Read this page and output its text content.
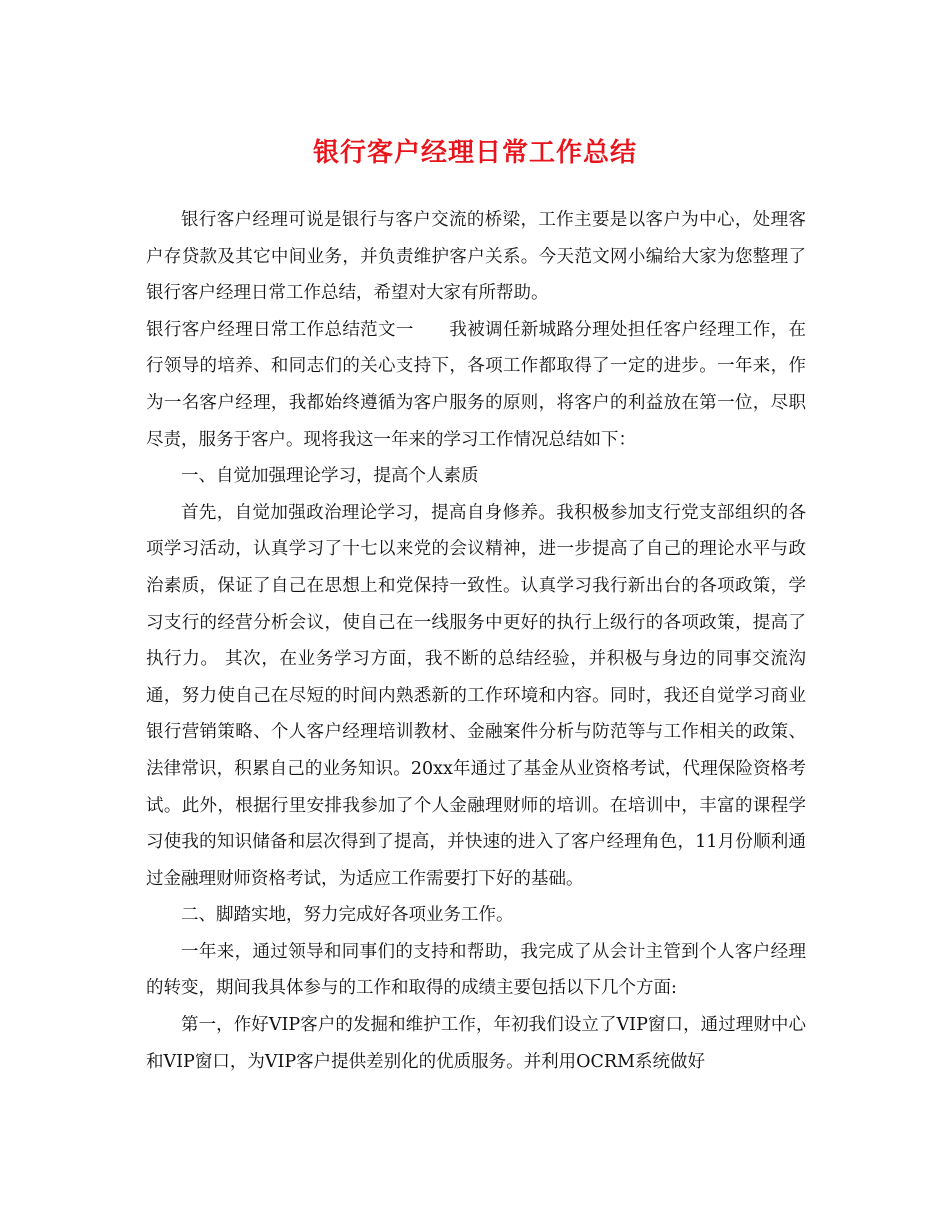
银行客户经理日常工作总结

银行客户经理可说是银行与客户交流的桥梁，工作主要是以客户为中心，处理客户存贷款及其它中间业务，并负责维护客户关系。今天范文网小编给大家为您整理了银行客户经理日常工作总结，希望对大家有所帮助。

银行客户经理日常工作总结范文一　　我被调任新城路分理处担任客户经理工作，在行领导的培养、和同志们的关心支持下，各项工作都取得了一定的进步。一年来，作为一名客户经理，我都始终遵循为客户服务的原则，将客户的利益放在第一位，尽职尽责，服务于客户。现将我这一年来的学习工作情况总结如下：

一、自觉加强理论学习，提高个人素质

首先，自觉加强政治理论学习，提高自身修养。我积极参加支行党支部组织的各项学习活动，认真学习了十七以来党的会议精神，进一步提高了自己的理论水平与政治素质，保证了自己在思想上和党保持一致性。认真学习我行新出台的各项政策，学习支行的经营分析会议，使自己在一线服务中更好的执行上级行的各项政策，提高了执行力。 其次，在业务学习方面，我不断的总结经验，并积极与身边的同事交流沟通，努力使自己在尽短的时间内熟悉新的工作环境和内容。同时，我还自觉学习商业银行营销策略、个人客户经理培训教材、金融案件分析与防范等与工作相关的政策、法律常识，积累自己的业务知识。20xx年通过了基金从业资格考试，代理保险资格考试。此外，根据行里安排我参加了个人金融理财师的培训。在培训中，丰富的课程学习使我的知识储备和层次得到了提高，并快速的进入了客户经理角色，11月份顺利通过金融理财师资格考试，为适应工作需要打下好的基础。

二、脚踏实地，努力完成好各项业务工作。

一年来，通过领导和同事们的支持和帮助，我完成了从会计主管到个人客户经理的转变，期间我具体参与的工作和取得的成绩主要包括以下几个方面:

第一，作好VIP客户的发掘和维护工作，年初我们设立了VIP窗口，通过理财中心和VIP窗口，为VIP客户提供差别化的优质服务。并利用OCRM系统做好
